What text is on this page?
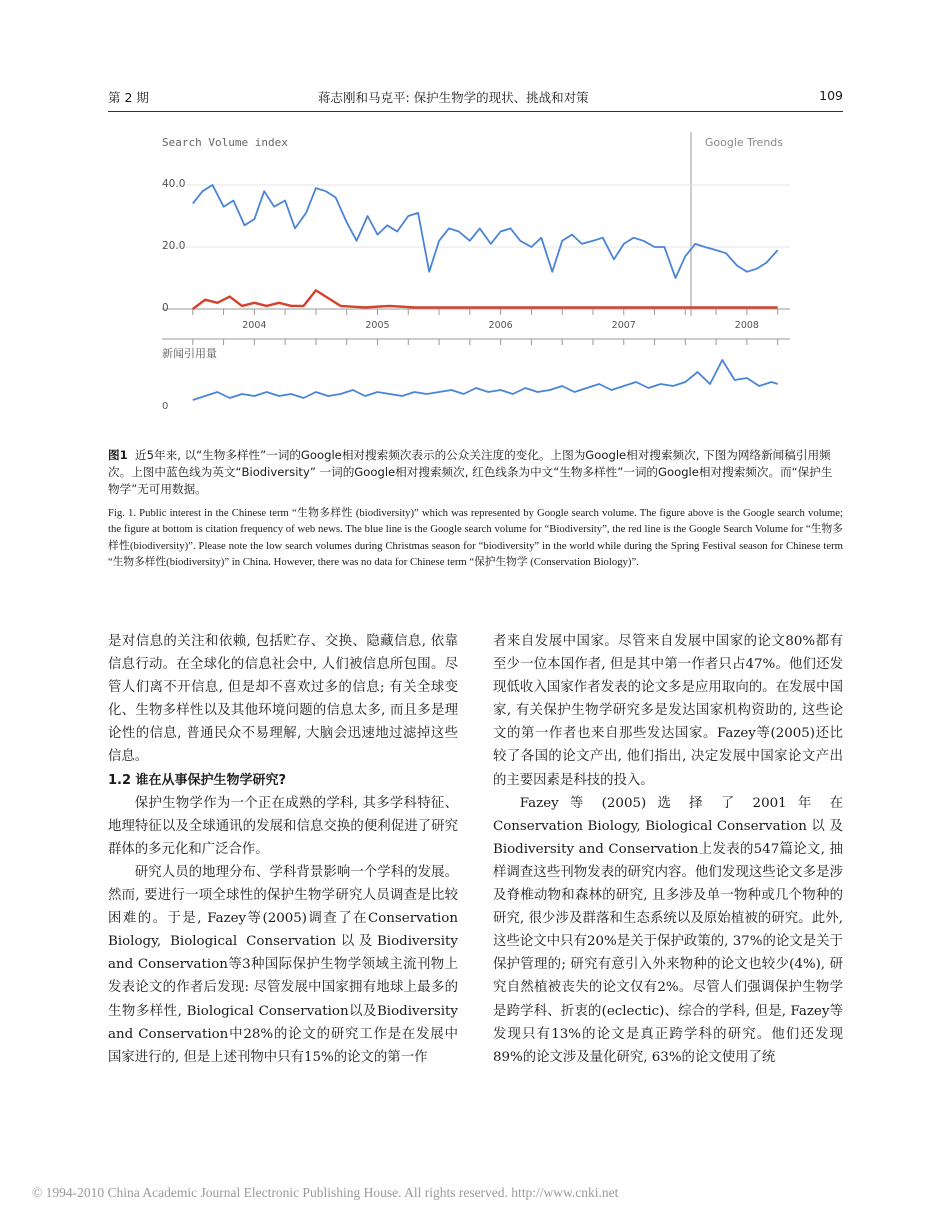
第 2 期	蒋志刚和马克平: 保护生物学的现状、挑战和对策	109
Search Volume index	Google Trends
40.0
20.0
0
新闻引用量
0
2004	2005	2006	2007	2008
图1 近5年来, 以“生物多样性”一词的Google相对搜索频次表示的公众关注度的变化。上图为Google相对搜索频次, 下图为网络新闻稿引用频次。上图中蓝色线为英文“Biodiversity” 一词的Google相对搜索频次, 红色线条为中文“生物多样性”一词的Google相对搜索频次。而“保护生物学”无可用数据。
Fig. 1. Public interest in the Chinese term “生物多样性 (biodiversity)” which was represented by Google search volume. The figure above is the Google search volume; the figure at bottom is citation frequency of web news. The blue line is the Google search volume for “Biodiversity”, the red line is the Google Search Volume for “生物多样性(biodiversity)”. Please note the low search volumes during Christmas season for “biodiversity” in the world while during the Spring Festival season for Chinese term “生物多样性(biodiversity)” in China. However, there was no data for Chinese term “保护生物学 (Conservation Biology)”.

是对信息的关注和依赖, 包括贮存、交换、隐藏信息, 依靠信息行动。在全球化的信息社会中, 人们被信息所包围。尽管人们离不开信息, 但是却不喜欢过多的信息; 有关全球变化、生物多样性以及其他环境问题的信息太多, 而且多是理论性的信息, 普通民众不易理解, 大脑会迅速地过滤掉这些信息。

1.2 谁在从事保护生物学研究?

保护生物学作为一个正在成熟的学科, 其多学科特征、地理特征以及全球通讯的发展和信息交换的便利促进了研究群体的多元化和广泛合作。

研究人员的地理分布、学科背景影响一个学科的发展。然而, 要进行一项全球性的保护生物学研究人员调查是比较困难的。于是, Fazey等(2005)调查了在Conservation Biology, Biological Conservation以及Biodiversity and Conservation等3种国际保护生物学领域主流刊物上发表论文的作者后发现: 尽管发展中国家拥有地球上最多的生物多样性, Biological Conservation以及Biodiversity and Conservation中28%的论文的研究工作是在发展中国家进行的, 但是上述刊物中只有15%的论文的第一作

者来自发展中国家。尽管来自发展中国家的论文80%都有至少一位本国作者, 但是其中第一作者只占47%。他们还发现低收入国家作者发表的论文多是应用取向的。在发展中国家, 有关保护生物学研究多是发达国家机构资助的, 这些论文的第一作者也来自那些发达国家。Fazey等(2005)还比较了各国的论文产出, 他们指出, 决定发展中国家论文产出的主要因素是科技的投入。

Fazey 等 (2005) 选 择 了 2001 年 在 Conservation Biology, Biological Conservation 以 及 Biodiversity and Conservation上发表的547篇论文, 抽样调查这些刊物发表的研究内容。他们发现这些论文多是涉及脊椎动物和森林的研究, 且多涉及单一物种或几个物种的研究, 很少涉及群落和生态系统以及原始植被的研究。此外, 这些论文中只有20%是关于保护政策的, 37%的论文是关于保护管理的; 研究有意引入外来物种的论文也较少(4%), 研究自然植被丧失的论文仅有2%。尽管人们强调保护生物学是跨学科、折衷的(eclectic)、综合的学科, 但是, Fazey等发现只有13%的论文是真正跨学科的研究。他们还发现89%的论文涉及量化研究, 63%的论文使用了统

© 1994-2010 China Academic Journal Electronic Publishing House. All rights reserved. http://www.cnki.net
